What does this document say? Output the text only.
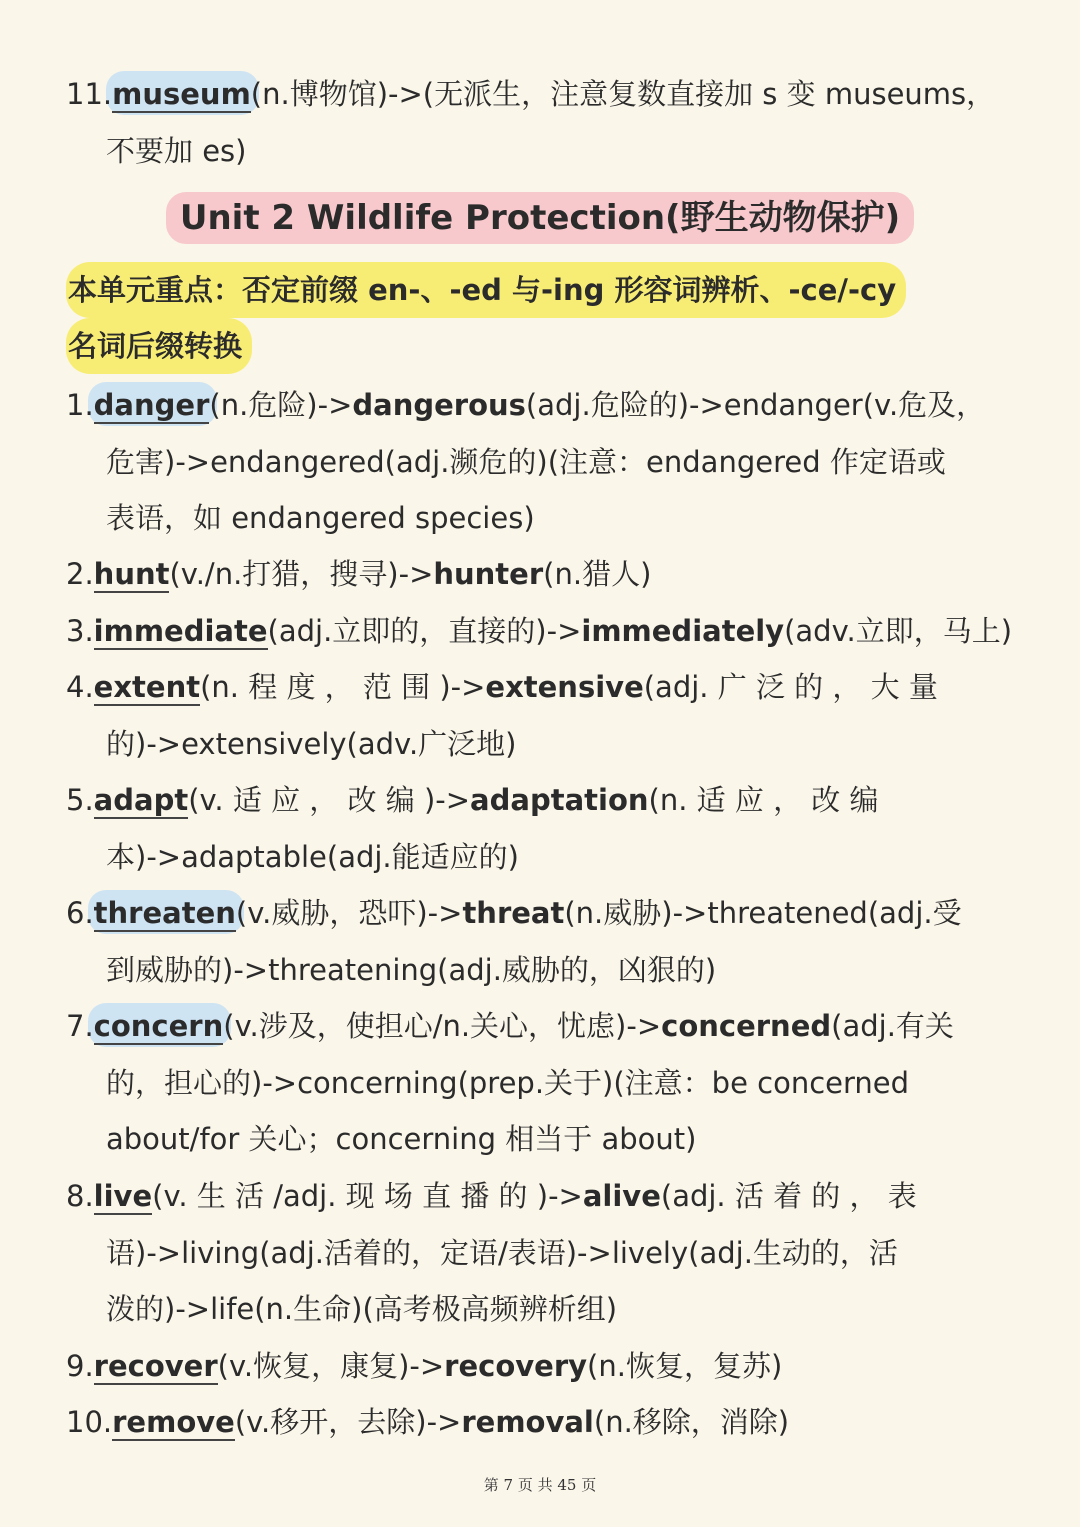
11.
museum(n.博物馆)->(无派生，注意复数直接加 s 变 museums，
不要加 es)
Unit 2 Wildlife Protection(野生动物保护)
本单元重点：否定前缀 en-、-ed 与-ing 形容词辨析、-ce/-cy
名词后缀转换
1.
danger(n.危险)->dangerous(adj.危险的)->endanger(v.危及，
危害)->endangered(adj.濒危的)(注意：endangered 作定语或
表语，如 endangered species)
2.
hunt(v./n.打猎，搜寻)->hunter(n.猎人)
3.
immediate(adj.立即的，直接的)->immediately(adv.立即，马上)
4.
extent(n. 程 度 ， 范 围 )->extensive(adj. 广 泛 的 ， 大 量
的)->extensively(adv.广泛地)
5.
adapt(v. 适 应 ， 改 编 )->adaptation(n. 适 应 ， 改 编
本)->adaptable(adj.能适应的)
6.
threaten(v.威胁，恐吓)->threat(n.威胁)->threatened(adj.受
到威胁的)->threatening(adj.威胁的，凶狠的)
7.
concern(v.涉及，使担心/n.关心，忧虑)->concerned(adj.有关
的，担心的)->concerning(prep.关于)(注意：be concerned
about/for 关心；concerning 相当于 about)
8.
live(v. 生 活 /adj. 现 场 直 播 的 )->alive(adj. 活 着 的 ， 表
语)->living(adj.活着的，定语/表语)->lively(adj.生动的，活
泼的)->life(n.生命)(高考极高频辨析组)
9.
recover(v.恢复，康复)->recovery(n.恢复，复苏)
10.
remove(v.移开，去除)->removal(n.移除，消除)
第 7 页 共 45 页
